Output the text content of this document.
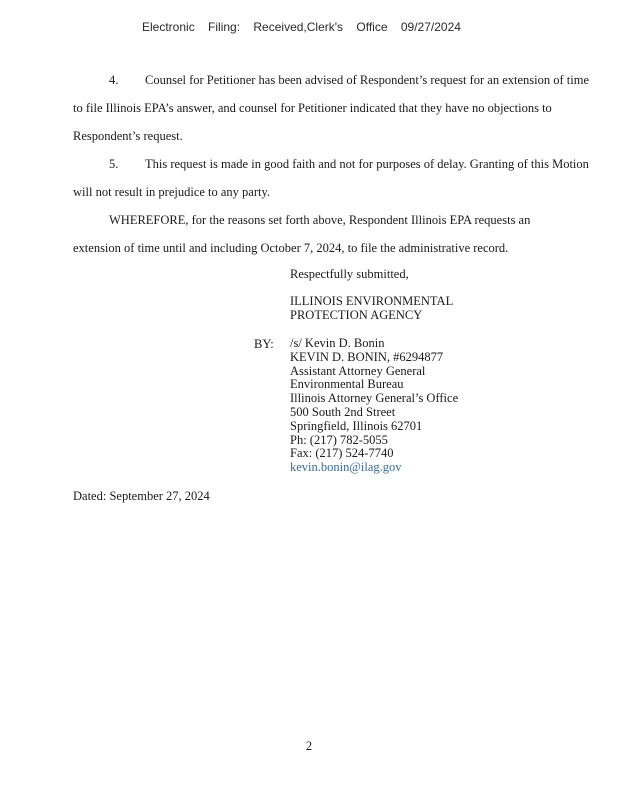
Electronic Filing: Received,Clerk's Office 09/27/2024
4. Counsel for Petitioner has been advised of Respondent’s request for an extension of time to file Illinois EPA’s answer, and counsel for Petitioner indicated that they have no objections to Respondent’s request.
5. This request is made in good faith and not for purposes of delay. Granting of this Motion will not result in prejudice to any party.
WHEREFORE, for the reasons set forth above, Respondent Illinois EPA requests an
extension of time until and including October 7, 2024, to file the administrative record.
Respectfully submitted,
ILLINOIS ENVIRONMENTAL
PROTECTION AGENCY
BY: /s/ Kevin D. Bonin
KEVIN D. BONIN, #6294877
Assistant Attorney General
Environmental Bureau
Illinois Attorney General’s Office
500 South 2nd Street
Springfield, Illinois 62701
Ph: (217) 782-5055
Fax: (217) 524-7740
kevin.bonin@ilag.gov
Dated: September 27, 2024
2
